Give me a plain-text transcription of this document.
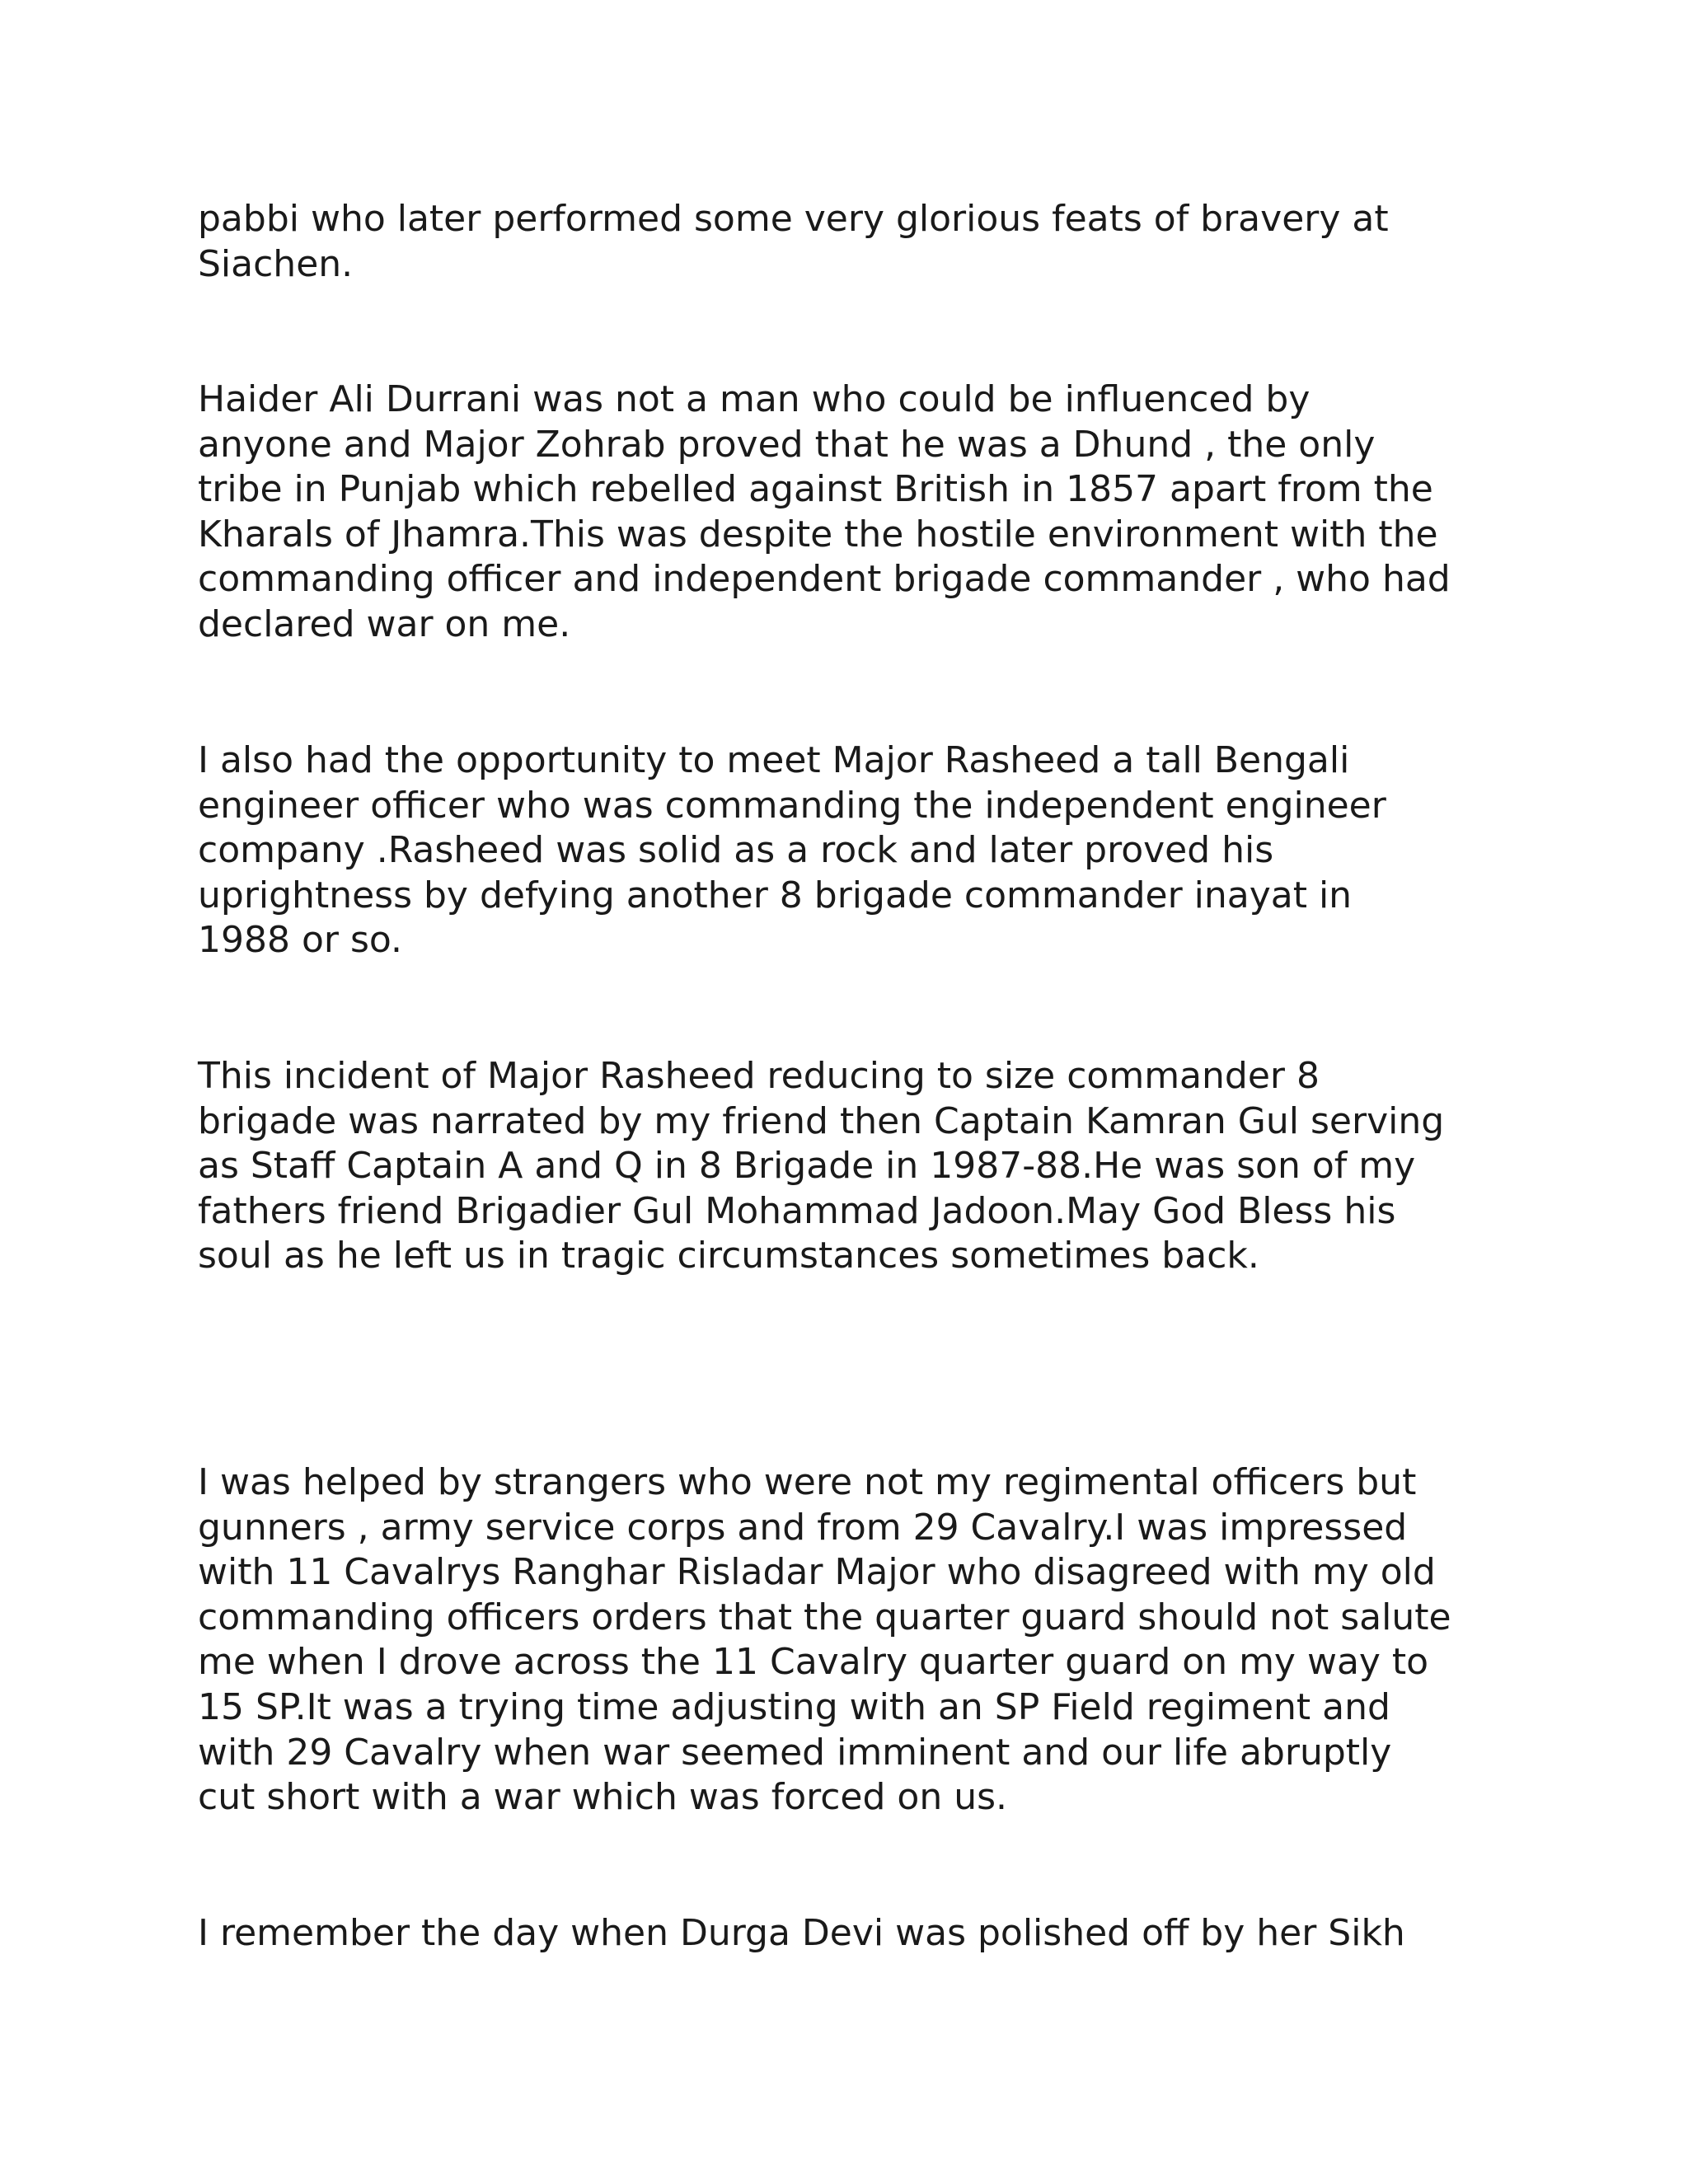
pabbi who later performed some very glorious feats of bravery at
Siachen.

Haider Ali Durrani was not a man who could be influenced by
anyone and Major Zohrab proved that he was a Dhund , the only
tribe in Punjab which rebelled against British in 1857 apart from the
Kharals of Jhamra.This was despite the hostile environment with the
commanding officer and independent brigade commander , who had
declared war on me.

I also had the opportunity to meet Major Rasheed a tall Bengali
engineer officer who was commanding the independent engineer
company .Rasheed was solid as a rock and later proved his
uprightness by defying another 8 brigade commander inayat in
1988 or so.

This incident of Major Rasheed reducing to size commander 8
brigade was narrated by my friend then Captain Kamran Gul serving
as Staff Captain A and Q in 8 Brigade in 1987-88.He was son of my
fathers friend Brigadier Gul Mohammad Jadoon.May God Bless his
soul as he left us in tragic circumstances sometimes back.

I was helped by strangers who were not my regimental officers but
gunners , army service corps and from 29 Cavalry.I was impressed
with 11 Cavalrys Ranghar Risladar Major who disagreed with my old
commanding officers orders that the quarter guard should not salute
me when I drove across the 11 Cavalry quarter guard on my way to
15 SP.It was a trying time adjusting with an SP Field regiment and
with 29 Cavalry when war seemed imminent and our life abruptly
cut short with a war which was forced on us.

I remember the day when Durga Devi was polished off by her Sikh
